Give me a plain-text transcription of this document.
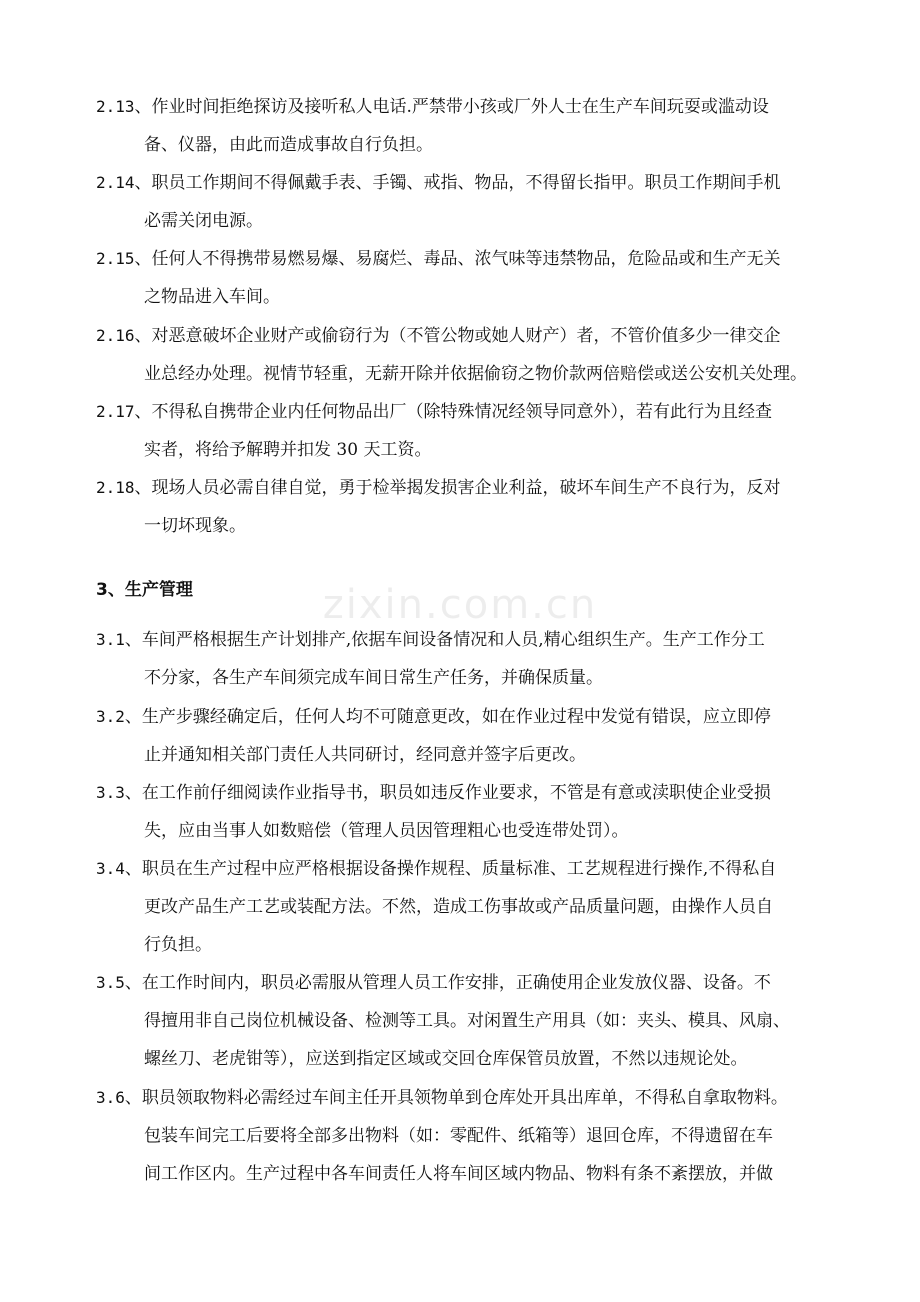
zixin.com.cn
2.13、作业时间拒绝探访及接听私人电话.严禁带小孩或厂外人士在生产车间玩耍或滥动设
备、仪器，由此而造成事故自行负担。
2.14、职员工作期间不得佩戴手表、手镯、戒指、物品，不得留长指甲。职员工作期间手机
必需关闭电源。
2.15、任何人不得携带易燃易爆、易腐烂、毒品、浓气味等违禁物品，危险品或和生产无关
之物品进入车间。
2.16、对恶意破坏企业财产或偷窃行为（不管公物或她人财产）者，不管价值多少一律交企
业总经办处理。视情节轻重，无薪开除并依据偷窃之物价款两倍赔偿或送公安机关处理。
2.17、不得私自携带企业内任何物品出厂（除特殊情况经领导同意外），若有此行为且经查
实者，将给予解聘并扣发 30 天工资。
2.18、现场人员必需自律自觉，勇于检举揭发损害企业利益，破坏车间生产不良行为，反对
一切坏现象。
3、生产管理
3.1、车间严格根据生产计划排产,依据车间设备情况和人员,精心组织生产。生产工作分工
不分家，各生产车间须完成车间日常生产任务，并确保质量。
3.2、生产步骤经确定后，任何人均不可随意更改，如在作业过程中发觉有错误，应立即停
止并通知相关部门责任人共同研讨，经同意并签字后更改。
3.3、在工作前仔细阅读作业指导书，职员如违反作业要求，不管是有意或渎职使企业受损
失，应由当事人如数赔偿（管理人员因管理粗心也受连带处罚）。
3.4、职员在生产过程中应严格根据设备操作规程、质量标准、工艺规程进行操作,不得私自
更改产品生产工艺或装配方法。不然，造成工伤事故或产品质量问题，由操作人员自
行负担。
3.5、在工作时间内，职员必需服从管理人员工作安排，正确使用企业发放仪器、设备。不
得擅用非自己岗位机械设备、检测等工具。对闲置生产用具（如：夹头、模具、风扇、
螺丝刀、老虎钳等），应送到指定区域或交回仓库保管员放置，不然以违规论处。
3.6、职员领取物料必需经过车间主任开具领物单到仓库处开具出库单，不得私自拿取物料。
包装车间完工后要将全部多出物料（如：零配件、纸箱等）退回仓库，不得遗留在车
间工作区内。生产过程中各车间责任人将车间区域内物品、物料有条不紊摆放，并做
